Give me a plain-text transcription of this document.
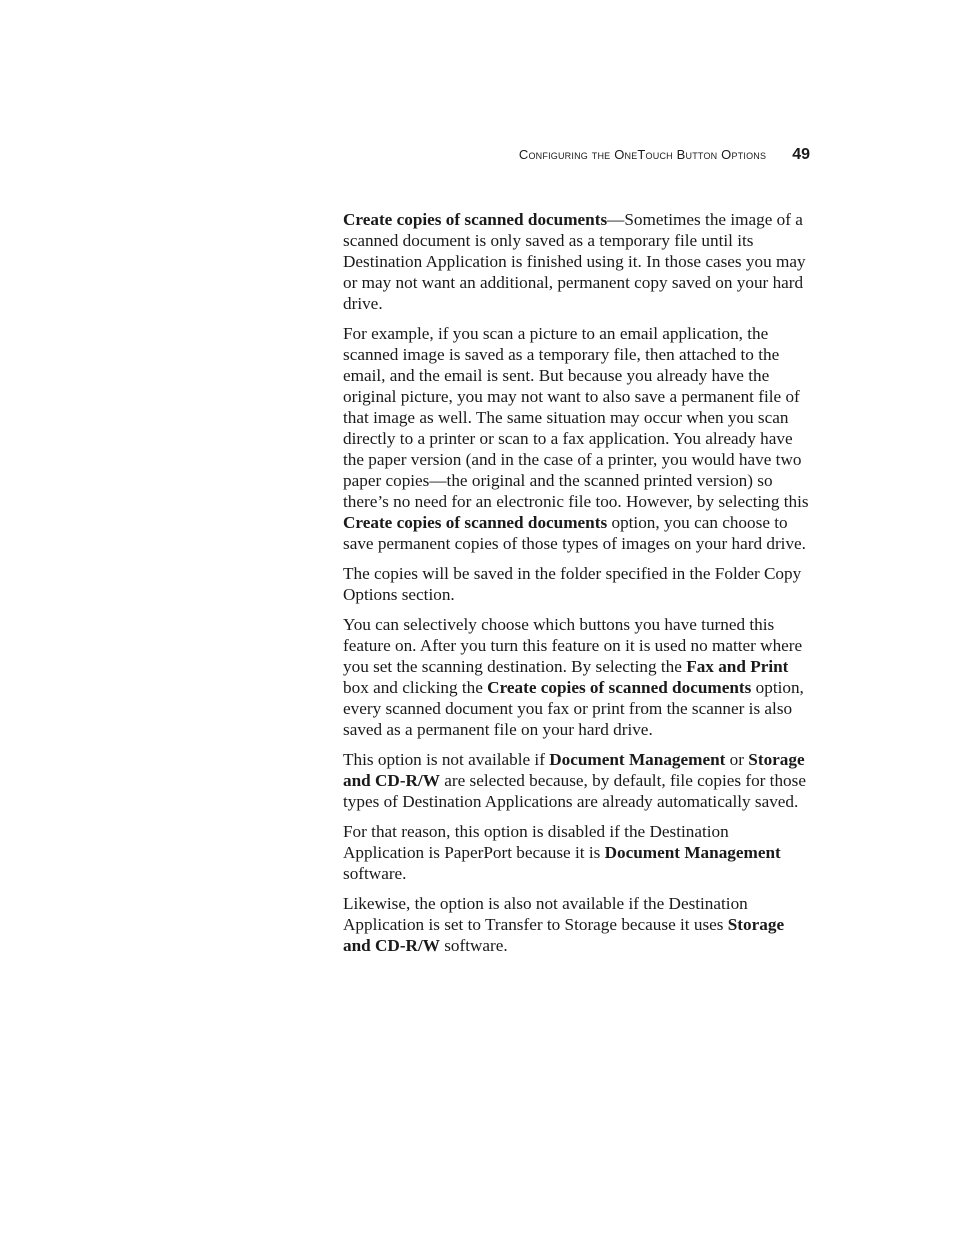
Configuring the OneTouch Button Options 49

Create copies of scanned documents—Sometimes the image of a scanned document is only saved as a temporary file until its Destination Application is finished using it. In those cases you may or may not want an additional, permanent copy saved on your hard drive.

For example, if you scan a picture to an email application, the scanned image is saved as a temporary file, then attached to the email, and the email is sent. But because you already have the original picture, you may not want to also save a permanent file of that image as well. The same situation may occur when you scan directly to a printer or scan to a fax application. You already have the paper version (and in the case of a printer, you would have two paper copies—the original and the scanned printed version) so there’s no need for an electronic file too. However, by selecting this Create copies of scanned documents option, you can choose to save permanent copies of those types of images on your hard drive.

The copies will be saved in the folder specified in the Folder Copy Options section.

You can selectively choose which buttons you have turned this feature on. After you turn this feature on it is used no matter where you set the scanning destination. By selecting the Fax and Print box and clicking the Create copies of scanned documents option, every scanned document you fax or print from the scanner is also saved as a permanent file on your hard drive.

This option is not available if Document Management or Storage and CD-R/W are selected because, by default, file copies for those types of Destination Applications are already automatically saved.

For that reason, this option is disabled if the Destination Application is PaperPort because it is Document Management software.

Likewise, the option is also not available if the Destination Application is set to Transfer to Storage because it uses Storage and CD-R/W software.
